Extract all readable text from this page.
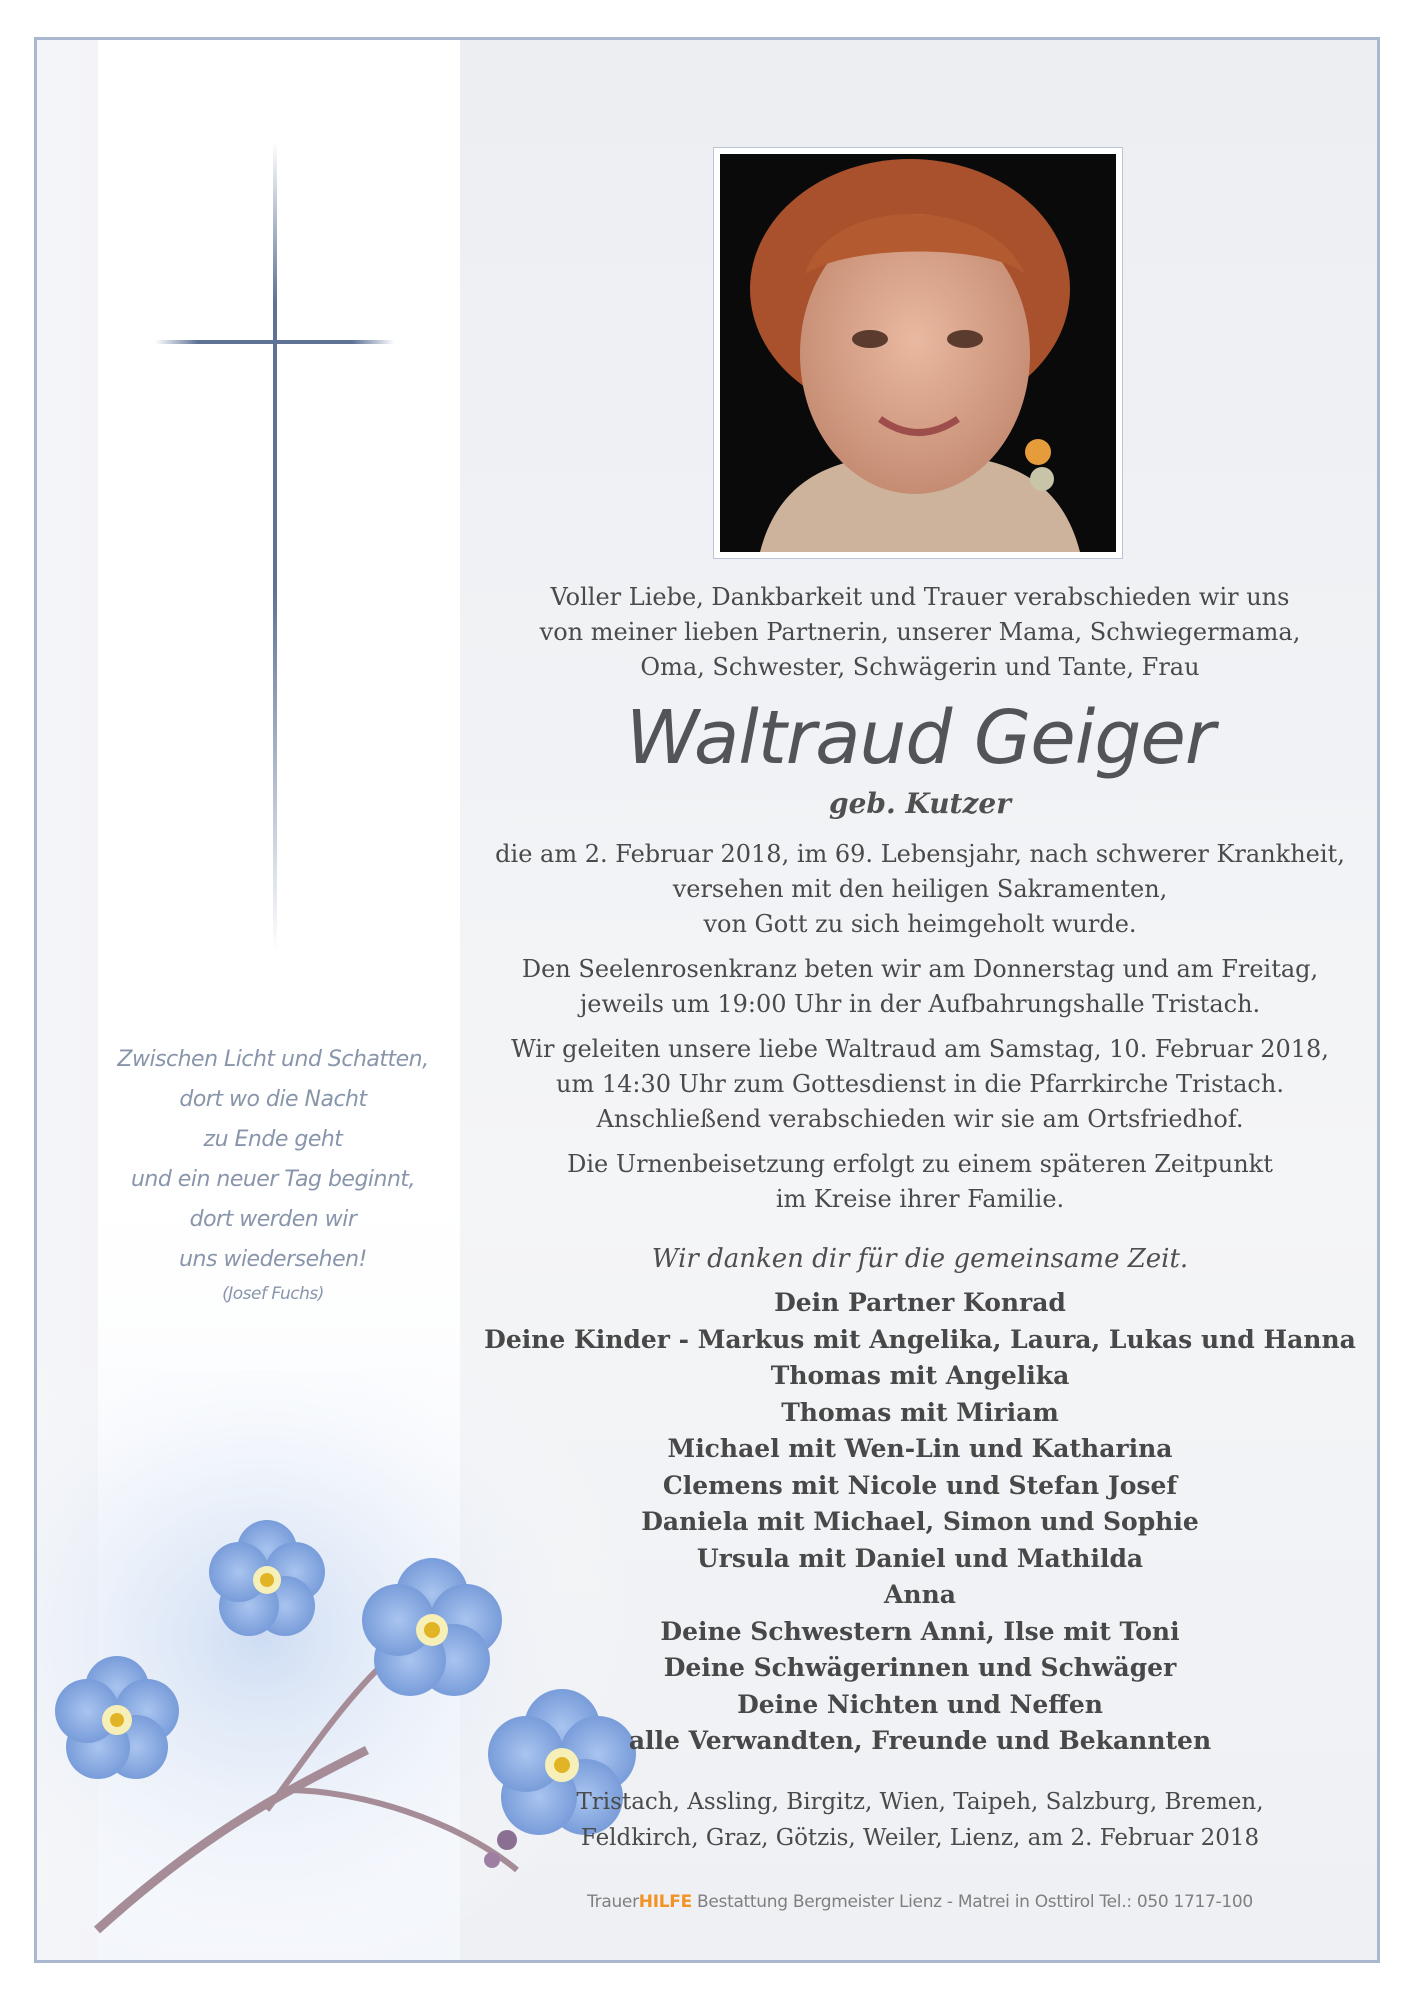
Zwischen Licht und Schatten,
dort wo die Nacht
zu Ende geht
und ein neuer Tag beginnt,
dort werden wir
uns wiedersehen!
(Josef Fuchs)
Voller Liebe, Dankbarkeit und Trauer verabschieden wir uns
von meiner lieben Partnerin, unserer Mama, Schwiegermama,
Oma, Schwester, Schwägerin und Tante, Frau
Waltraud Geiger
geb. Kutzer
die am 2. Februar 2018, im 69. Lebensjahr, nach schwerer Krankheit,
versehen mit den heiligen Sakramenten,
von Gott zu sich heimgeholt wurde.
Den Seelenrosenkranz beten wir am Donnerstag und am Freitag,
jeweils um 19:00 Uhr in der Aufbahrungshalle Tristach.
Wir geleiten unsere liebe Waltraud am Samstag, 10. Februar 2018,
um 14:30 Uhr zum Gottesdienst in die Pfarrkirche Tristach.
Anschließend verabschieden wir sie am Ortsfriedhof.
Die Urnenbeisetzung erfolgt zu einem späteren Zeitpunkt
im Kreise ihrer Familie.
Wir danken dir für die gemeinsame Zeit.
Dein Partner Konrad
Deine Kinder - Markus mit Angelika, Laura, Lukas und Hanna
Thomas mit Angelika
Thomas mit Miriam
Michael mit Wen-Lin und Katharina
Clemens mit Nicole und Stefan Josef
Daniela mit Michael, Simon und Sophie
Ursula mit Daniel und Mathilda
Anna
Deine Schwestern Anni, Ilse mit Toni
Deine Schwägerinnen und Schwäger
Deine Nichten und Neffen
alle Verwandten, Freunde und Bekannten
Tristach, Assling, Birgitz, Wien, Taipeh, Salzburg, Bremen,
Feldkirch, Graz, Götzis, Weiler, Lienz, am 2. Februar 2018
TrauerHILFE Bestattung Bergmeister Lienz - Matrei in Osttirol Tel.: 050 1717-100
